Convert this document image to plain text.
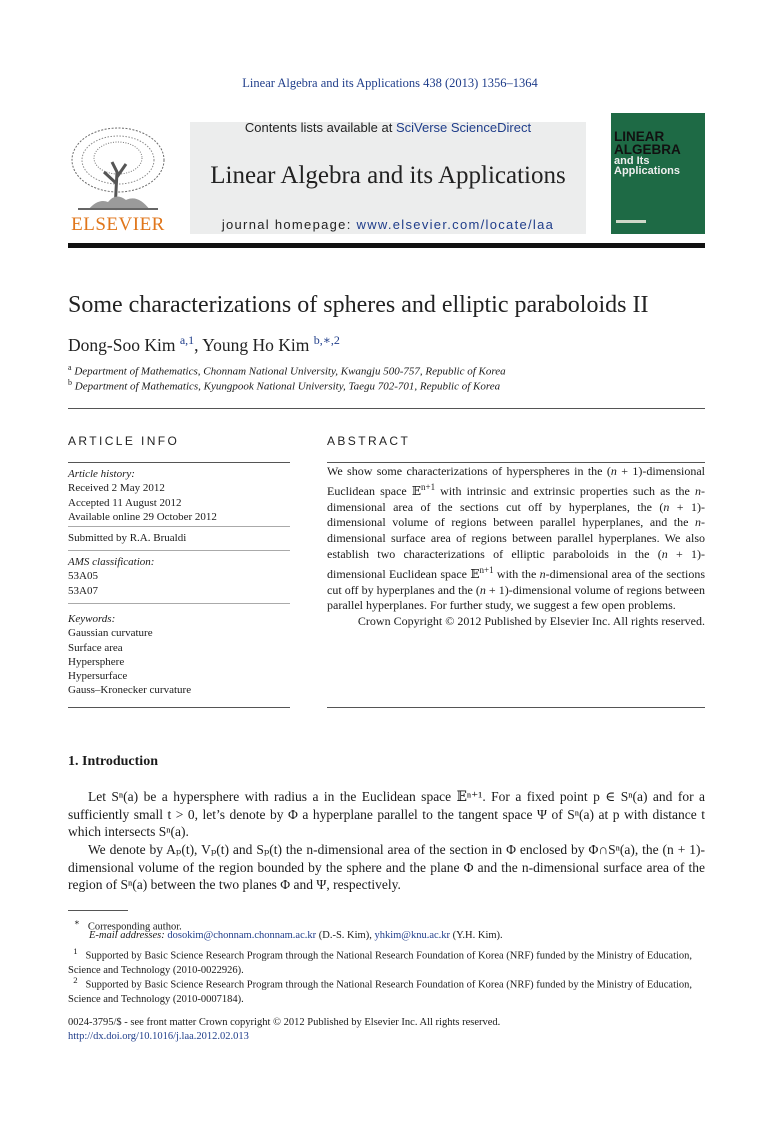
Linear Algebra and its Applications 438 (2013) 1356–1364
ELSEVIER
Contents lists available at SciVerse ScienceDirect
Linear Algebra and its Applications
journal homepage: www.elsevier.com/locate/laa
LINEAR
ALGEBRA
and Its
Applications
Some characterizations of spheres and elliptic paraboloids II
Dong-Soo Kim $^{a,1}$, Young Ho Kim $^{b,∗,2}$
$^a$ Department of Mathematics, Chonnam National University, Kwangju 500-757, Republic of Korea
$^b$ Department of Mathematics, Kyungpook National University, Taegu 702-701, Republic of Korea
ARTICLE INFO
Article history:
Received 2 May 2012
Accepted 11 August 2012
Available online 29 October 2012
Submitted by R.A. Brualdi
AMS classification:
53A05
53A07
Keywords:
Gaussian curvature
Surface area
Hypersphere
Hypersurface
Gauss–Kronecker curvature
ABSTRACT
We show some characterizations of hyperspheres in the (n + 1)-dimensional Euclidean space 𝔼$^{n+1}$ with intrinsic and extrinsic properties such as the n-dimensional area of the sections cut off by hyperplanes, the (n + 1)-dimensional volume of regions between parallel hyperplanes, and the n-dimensional surface area of regions between parallel hyperplanes. We also establish two characterizations of elliptic paraboloids in the (n + 1)-dimensional Euclidean space 𝔼$^{n+1}$ with the n-dimensional area of the sections cut off by hyperplanes and the (n + 1)-dimensional volume of regions between parallel hyperplanes. For further study, we suggest a few open problems.
Crown Copyright © 2012 Published by Elsevier Inc. All rights reserved.
1. Introduction
Let Sⁿ(a) be a hypersphere with radius a in the Euclidean space 𝔼ⁿ⁺¹. For a fixed point p ∈ Sⁿ(a) and for a sufficiently small t > 0, let’s denote by Φ a hyperplane parallel to the tangent space Ψ of Sⁿ(a) at p with distance t which intersects Sⁿ(a).
We denote by Aₚ(t), Vₚ(t) and Sₚ(t) the n-dimensional area of the section in Φ enclosed by Φ∩Sⁿ(a), the (n + 1)-dimensional volume of the region bounded by the sphere and the plane Φ and the n-dimensional surface area of the region of Sⁿ(a) between the two planes Φ and Ψ, respectively.
∗ Corresponding author.
E-mail addresses: dosokim@chonnam.chonnam.ac.kr (D.-S. Kim), yhkim@knu.ac.kr (Y.H. Kim).
$^1$ Supported by Basic Science Research Program through the National Research Foundation of Korea (NRF) funded by the Ministry of Education, Science and Technology (2010-0022926).
$^2$ Supported by Basic Science Research Program through the National Research Foundation of Korea (NRF) funded by the Ministry of Education, Science and Technology (2010-0007184).
0024-3795/$ - see front matter Crown copyright © 2012 Published by Elsevier Inc. All rights reserved.
http://dx.doi.org/10.1016/j.laa.2012.02.013
